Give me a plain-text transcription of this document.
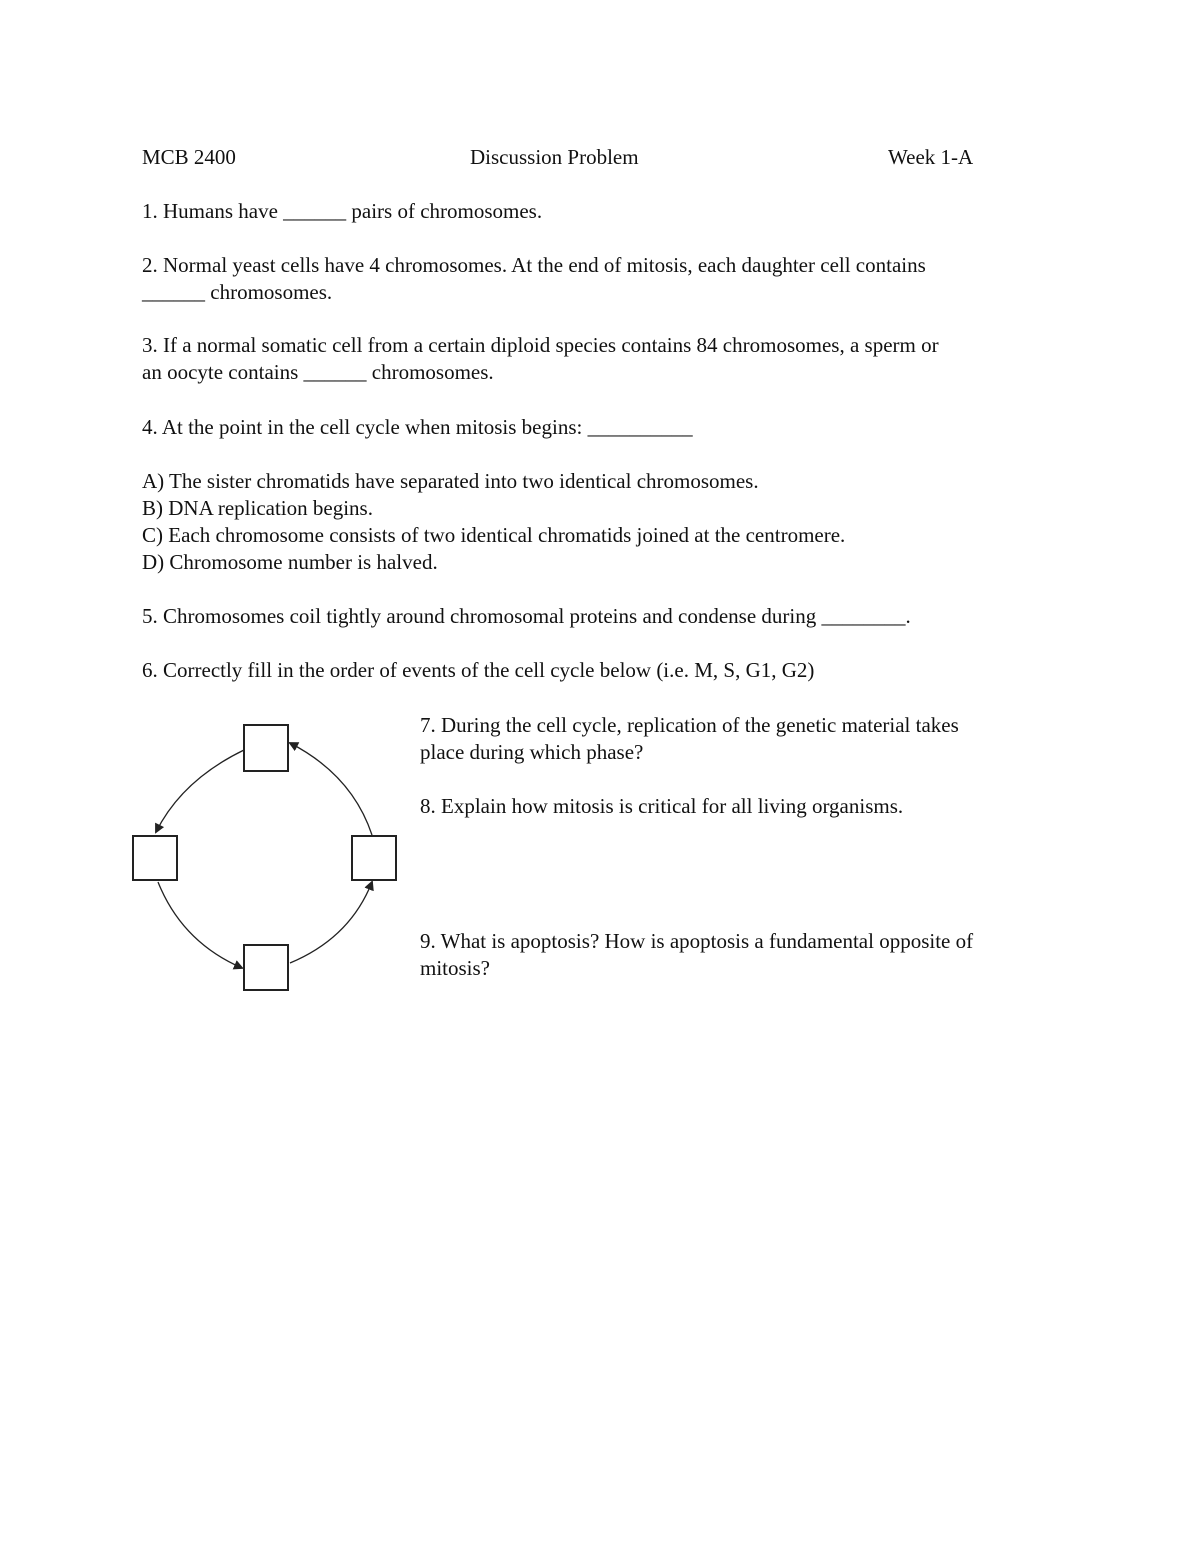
MCB 2400	Discussion Problem	Week 1-A
1. Humans have ______ pairs of chromosomes.
2. Normal yeast cells have 4 chromosomes. At the end of mitosis, each daughter cell contains
______ chromosomes.
3. If a normal somatic cell from a certain diploid species contains 84 chromosomes, a sperm or
an oocyte contains ______ chromosomes.
4. At the point in the cell cycle when mitosis begins: __________
A) The sister chromatids have separated into two identical chromosomes.
B) DNA replication begins.
C) Each chromosome consists of two identical chromatids joined at the centromere.
D) Chromosome number is halved.
5. Chromosomes coil tightly around chromosomal proteins and condense during ________.
6. Correctly fill in the order of events of the cell cycle below (i.e. M, S, G1, G2)
7. During the cell cycle, replication of the genetic material takes
place during which phase?
8. Explain how mitosis is critical for all living organisms.
9. What is apoptosis? How is apoptosis a fundamental opposite of
mitosis?
